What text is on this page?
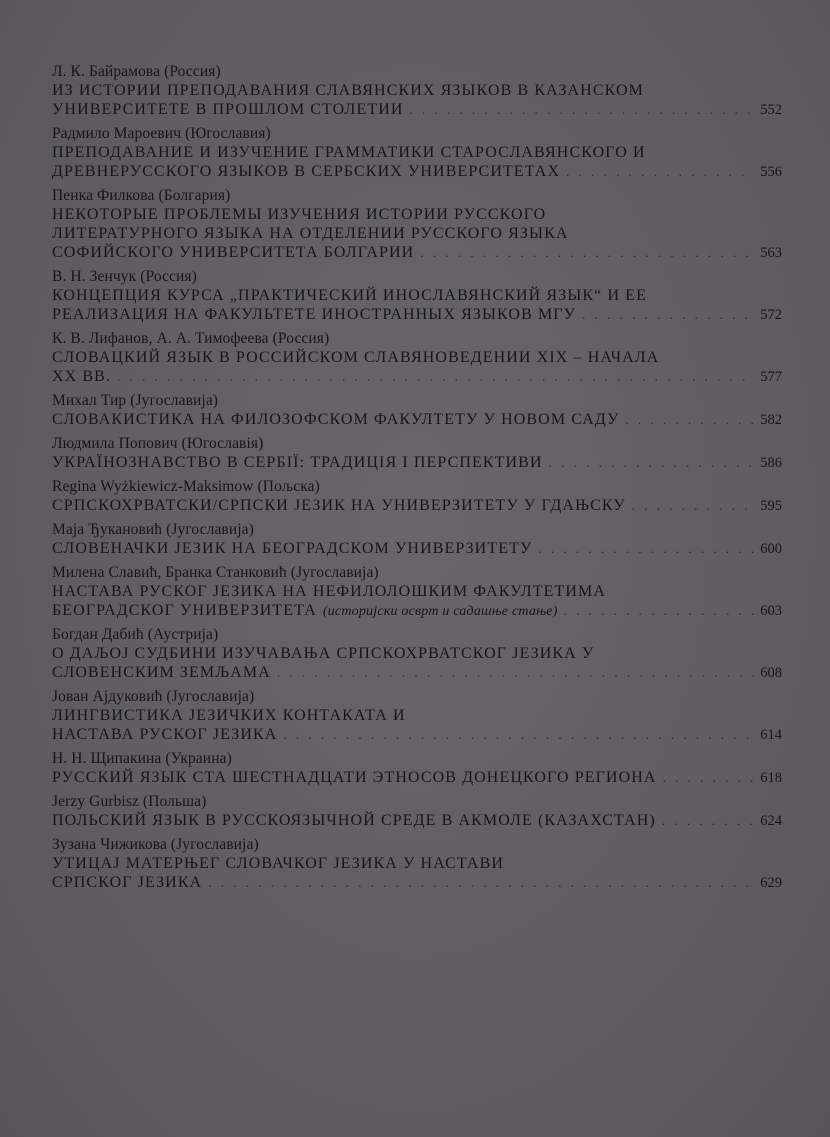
Л. К. Байрамова (Россия)
ИЗ ИСТОРИИ ПРЕПОДАВАНИЯ СЛАВЯНСКИХ ЯЗЫКОВ В КАЗАНСКОМ
УНИВЕРСИТЕТЕ В ПРОШЛОМ СТОЛЕТИИ . . .	552
Радмило Мароевич (Югославия)
ПРЕПОДАВАНИЕ И ИЗУЧЕНИЕ ГРАММАТИКИ СТАРОСЛАВЯНСКОГО И
ДРЕВНЕРУССКОГО ЯЗЫКОВ В СЕРБСКИХ УНИВЕРСИТЕТАХ . . .	556
Пенка Филкова (Болгария)
НЕКОТОРЫЕ ПРОБЛЕМЫ ИЗУЧЕНИЯ ИСТОРИИ РУССКОГО
ЛИТЕРАТУРНОГО ЯЗЫКА НА ОТДЕЛЕНИИ РУССКОГО ЯЗЫКА
СОФИЙСКОГО УНИВЕРСИТЕТА БОЛГАРИИ . . .	563
В. Н. Зенчук (Россия)
КОНЦЕПЦИЯ КУРСА „ПРАКТИЧЕСКИЙ ИНОСЛАВЯНСКИЙ ЯЗЫК“ И ЕЕ
РЕАЛИЗАЦИЯ НА ФАКУЛЬТЕТЕ ИНОСТРАННЫХ ЯЗЫКОВ МГУ . . .	572
К. В. Лифанов, А. А. Тимофеева (Россия)
СЛОВАЦКИЙ ЯЗЫК В РОССИЙСКОМ СЛАВЯНОВЕДЕНИИ XIX – НАЧАЛА
XX ВВ. . . .	577
Михал Тир (Југославија)
СЛОВАКИСТИКА НА ФИЛОЗОФСКОМ ФАКУЛТЕТУ У НОВОМ САДУ . . .	582
Людмила Попович (Югославія)
УКРАЇНОЗНАВСТВО В СЕРБІЇ: ТРАДИЦІЯ І ПЕРСПЕКТИВИ . . .	586
Regina Wyżkiewicz-Maksimow (Пољска)
СРПСКОХРВАТСКИ/СРПСКИ ЈЕЗИК НА УНИВЕРЗИТЕТУ У ГДАЊСКУ . . .	595
Маја Ђукановић (Југославија)
СЛОВЕНАЧКИ ЈЕЗИК НА БЕОГРАДСКОМ УНИВЕРЗИТЕТУ . . .	600
Милена Славић, Бранка Станковић (Југославија)
НАСТАВА РУСКОГ ЈЕЗИКА НА НЕФИЛОЛОШКИМ ФАКУЛТЕТИМА
БЕОГРАДСКОГ УНИВЕРЗИТЕТА (историјски осврт и садашње стање) . . .	603
Богдан Дабић (Аустрија)
О ДАЉОЈ СУДБИНИ ИЗУЧАВАЊА СРПСКОХРВАТСКОГ ЈЕЗИКА У
СЛОВЕНСКИМ ЗЕМЉАМА . . .	608
Јован Ајдуковић (Југославија)
ЛИНГВИСТИКА ЈЕЗИЧКИХ КОНТАКАТА И
НАСТАВА РУСКОГ ЈЕЗИКА . . .	614
Н. Н. Щипакина (Украина)
РУССКИЙ ЯЗЫК СТА ШЕСТНАДЦАТИ ЭТНОСОВ ДОНЕЦКОГО РЕГИОНА . . .	618
Jerzy Gurbisz (Польша)
ПОЛЬСКИЙ ЯЗЫК В РУССКОЯЗЫЧНОЙ СРЕДЕ В АКМОЛЕ (КАЗАХСТАН) . . .	624
Зузана Чижикова (Југославија)
УТИЦАЈ МАТЕРЊЕГ СЛОВАЧКОГ ЈЕЗИКА У НАСТАВИ
СРПСКОГ ЈЕЗИКА . . .	629
